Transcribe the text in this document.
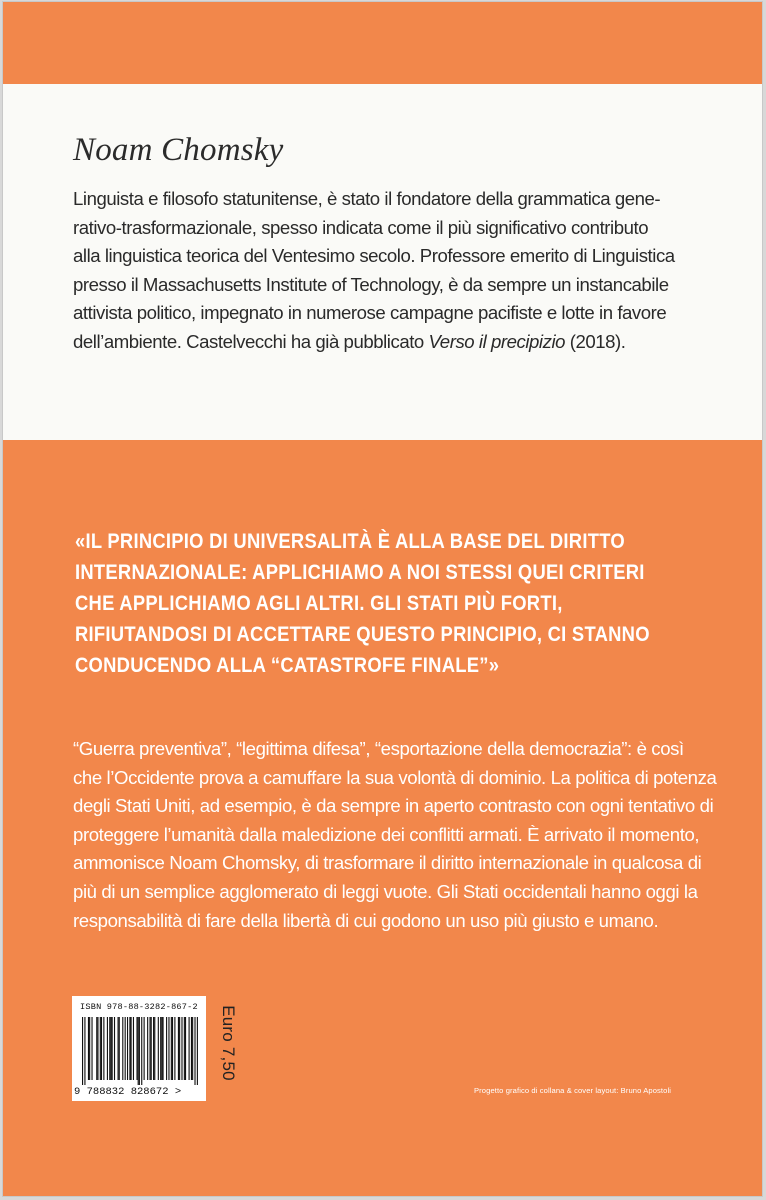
Noam Chomsky

Linguista e filosofo statunitense, è stato il fondatore della grammatica gene-

rativo-trasformazionale, spesso indicata come il più significativo contributo

alla linguistica teorica del Ventesimo secolo. Professore emerito di Linguistica

presso il Massachusetts Institute of Technology, è da sempre un instancabile

attivista politico, impegnato in numerose campagne pacifiste e lotte in favore

dell’ambiente. Castelvecchi ha già pubblicato Verso il precipizio (2018).

«IL PRINCIPIO DI UNIVERSALITÀ È ALLA BASE DEL DIRITTO

INTERNAZIONALE: APPLICHIAMO A NOI STESSI QUEI CRITERI

CHE APPLICHIAMO AGLI ALTRI. GLI STATI PIÙ FORTI,

RIFIUTANDOSI DI ACCETTARE QUESTO PRINCIPIO, CI STANNO

CONDUCENDO ALLA “CATASTROFE FINALE”»

“Guerra preventiva”, “legittima difesa”, “esportazione della democrazia”: è così

che l’Occidente prova a camuffare la sua volontà di dominio. La politica di potenza

degli Stati Uniti, ad esempio, è da sempre in aperto contrasto con ogni tentativo di

proteggere l’umanità dalla maledizione dei conflitti armati. È arrivato il momento,

ammonisce Noam Chomsky, di trasformare il diritto internazionale in qualcosa di

più di un semplice agglomerato di leggi vuote. Gli Stati occidentali hanno oggi la

responsabilità di fare della libertà di cui godono un uso più giusto e umano.

ISBN 978-88-3282-867-2
9 788832 828672 >
Euro 7,50
Progetto grafico di collana & cover layout: Bruno Apostoli
